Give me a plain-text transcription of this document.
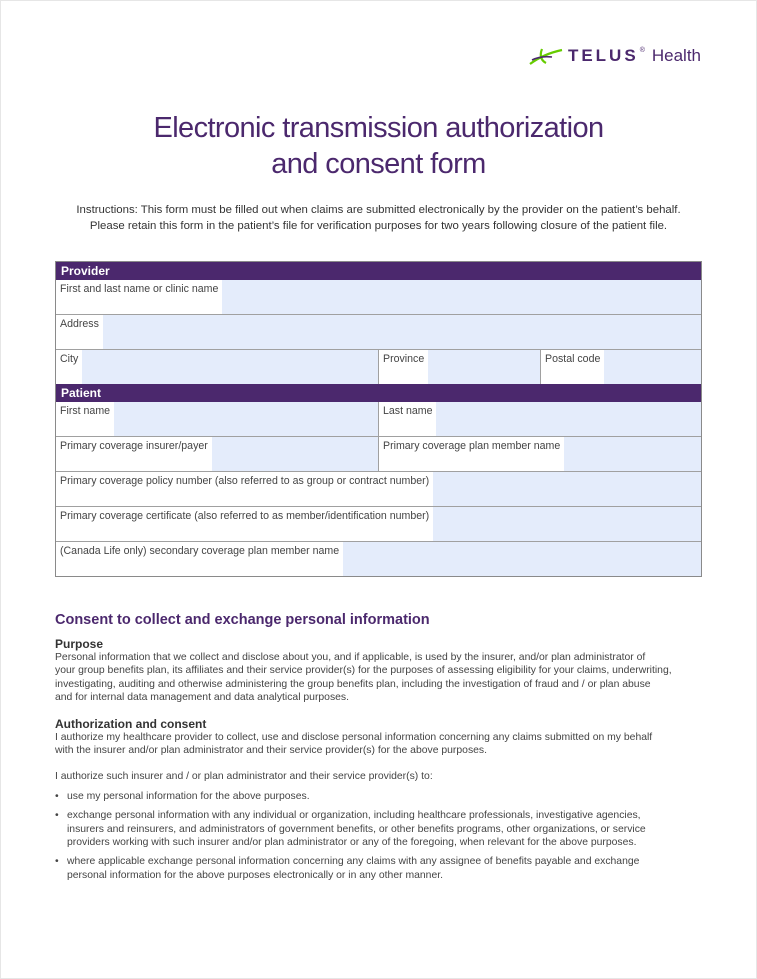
TELUS ® Health
Electronic transmission authorization
and consent form
Instructions: This form must be filled out when claims are submitted electronically by the provider on the patient’s behalf.
Please retain this form in the patient’s file for verification purposes for two years following closure of the patient file.
Provider
First and last name or clinic name
Address
City	Province	Postal code
Patient
First name	Last name
Primary coverage insurer/payer	Primary coverage plan member name
Primary coverage policy number (also referred to as group or contract number)
Primary coverage certificate (also referred to as member/identification number)
(Canada Life only) secondary coverage plan member name
Consent to collect and exchange personal information
Purpose

Personal information that we collect and disclose about you, and if applicable, is used by the insurer, and/or plan administrator of

your group benefits plan, its affiliates and their service provider(s) for the purposes of assessing eligibility for your claims, underwriting,

investigating, auditing and otherwise administering the group benefits plan, including the investigation of fraud and / or plan abuse

and for internal data management and data analytical purposes.

Authorization and consent

I authorize my healthcare provider to collect, use and disclose personal information concerning any claims submitted on my behalf

with the insurer and/or plan administrator and their service provider(s) for the above purposes.

I authorize such insurer and / or plan administrator and their service provider(s) to:

• use my personal information for the above purposes.
• exchange personal information with any individual or organization, including healthcare professionals, investigative agencies,
insurers and reinsurers, and administrators of government benefits, or other benefits programs, other organizations, or service
providers working with such insurer and/or plan administrator or any of the foregoing, when relevant for the above purposes.
• where applicable exchange personal information concerning any claims with any assignee of benefits payable and exchange
personal information for the above purposes electronically or in any other manner.
